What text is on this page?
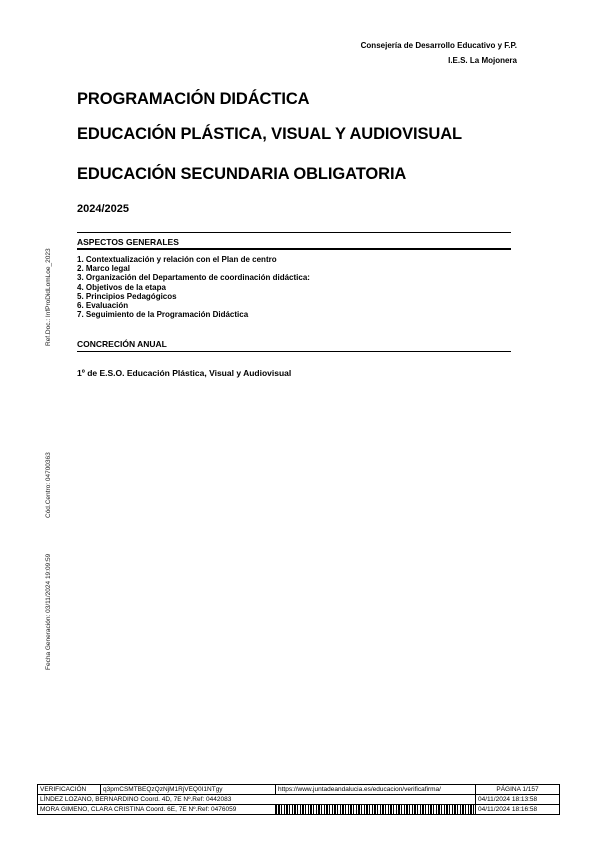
Consejería de Desarrollo Educativo y F.P.
I.E.S. La Mojonera
PROGRAMACIÓN DIDÁCTICA
EDUCACIÓN PLÁSTICA, VISUAL Y AUDIOVISUAL
EDUCACIÓN SECUNDARIA OBLIGATORIA
2024/2025
ASPECTOS GENERALES
1. Contextualización y relación con el Plan de centro
2. Marco legal
3. Organización del Departamento de coordinación didáctica:
4. Objetivos de la etapa
5. Principios Pedagógicos
6. Evaluación
7. Seguimiento de la Programación Didáctica
CONCRECIÓN ANUAL
1º de E.S.O. Educación Plástica, Visual y Audiovisual
Ref.Doc.: InfProDidLomLoe_2023
Cód.Centro: 04700363
Fecha Generación: 03/11/2024 19:09:59
VERIFICACIÓN	q3pmCSMTBEQzQzNjM1RjVEQ0I1NTgy	https://www.juntadeandalucia.es/educacion/verificafirma/	PÁGINA 1/157
LÍNDEZ LOZANO, BERNARDINO Coord. 4D, 7E Nº.Ref: 0442083			04/11/2024 18:13:58
MORA GIMENO, CLARA CRISTINA Coord. 6E, 7E Nº.Ref: 0476059			04/11/2024 18:16:58
